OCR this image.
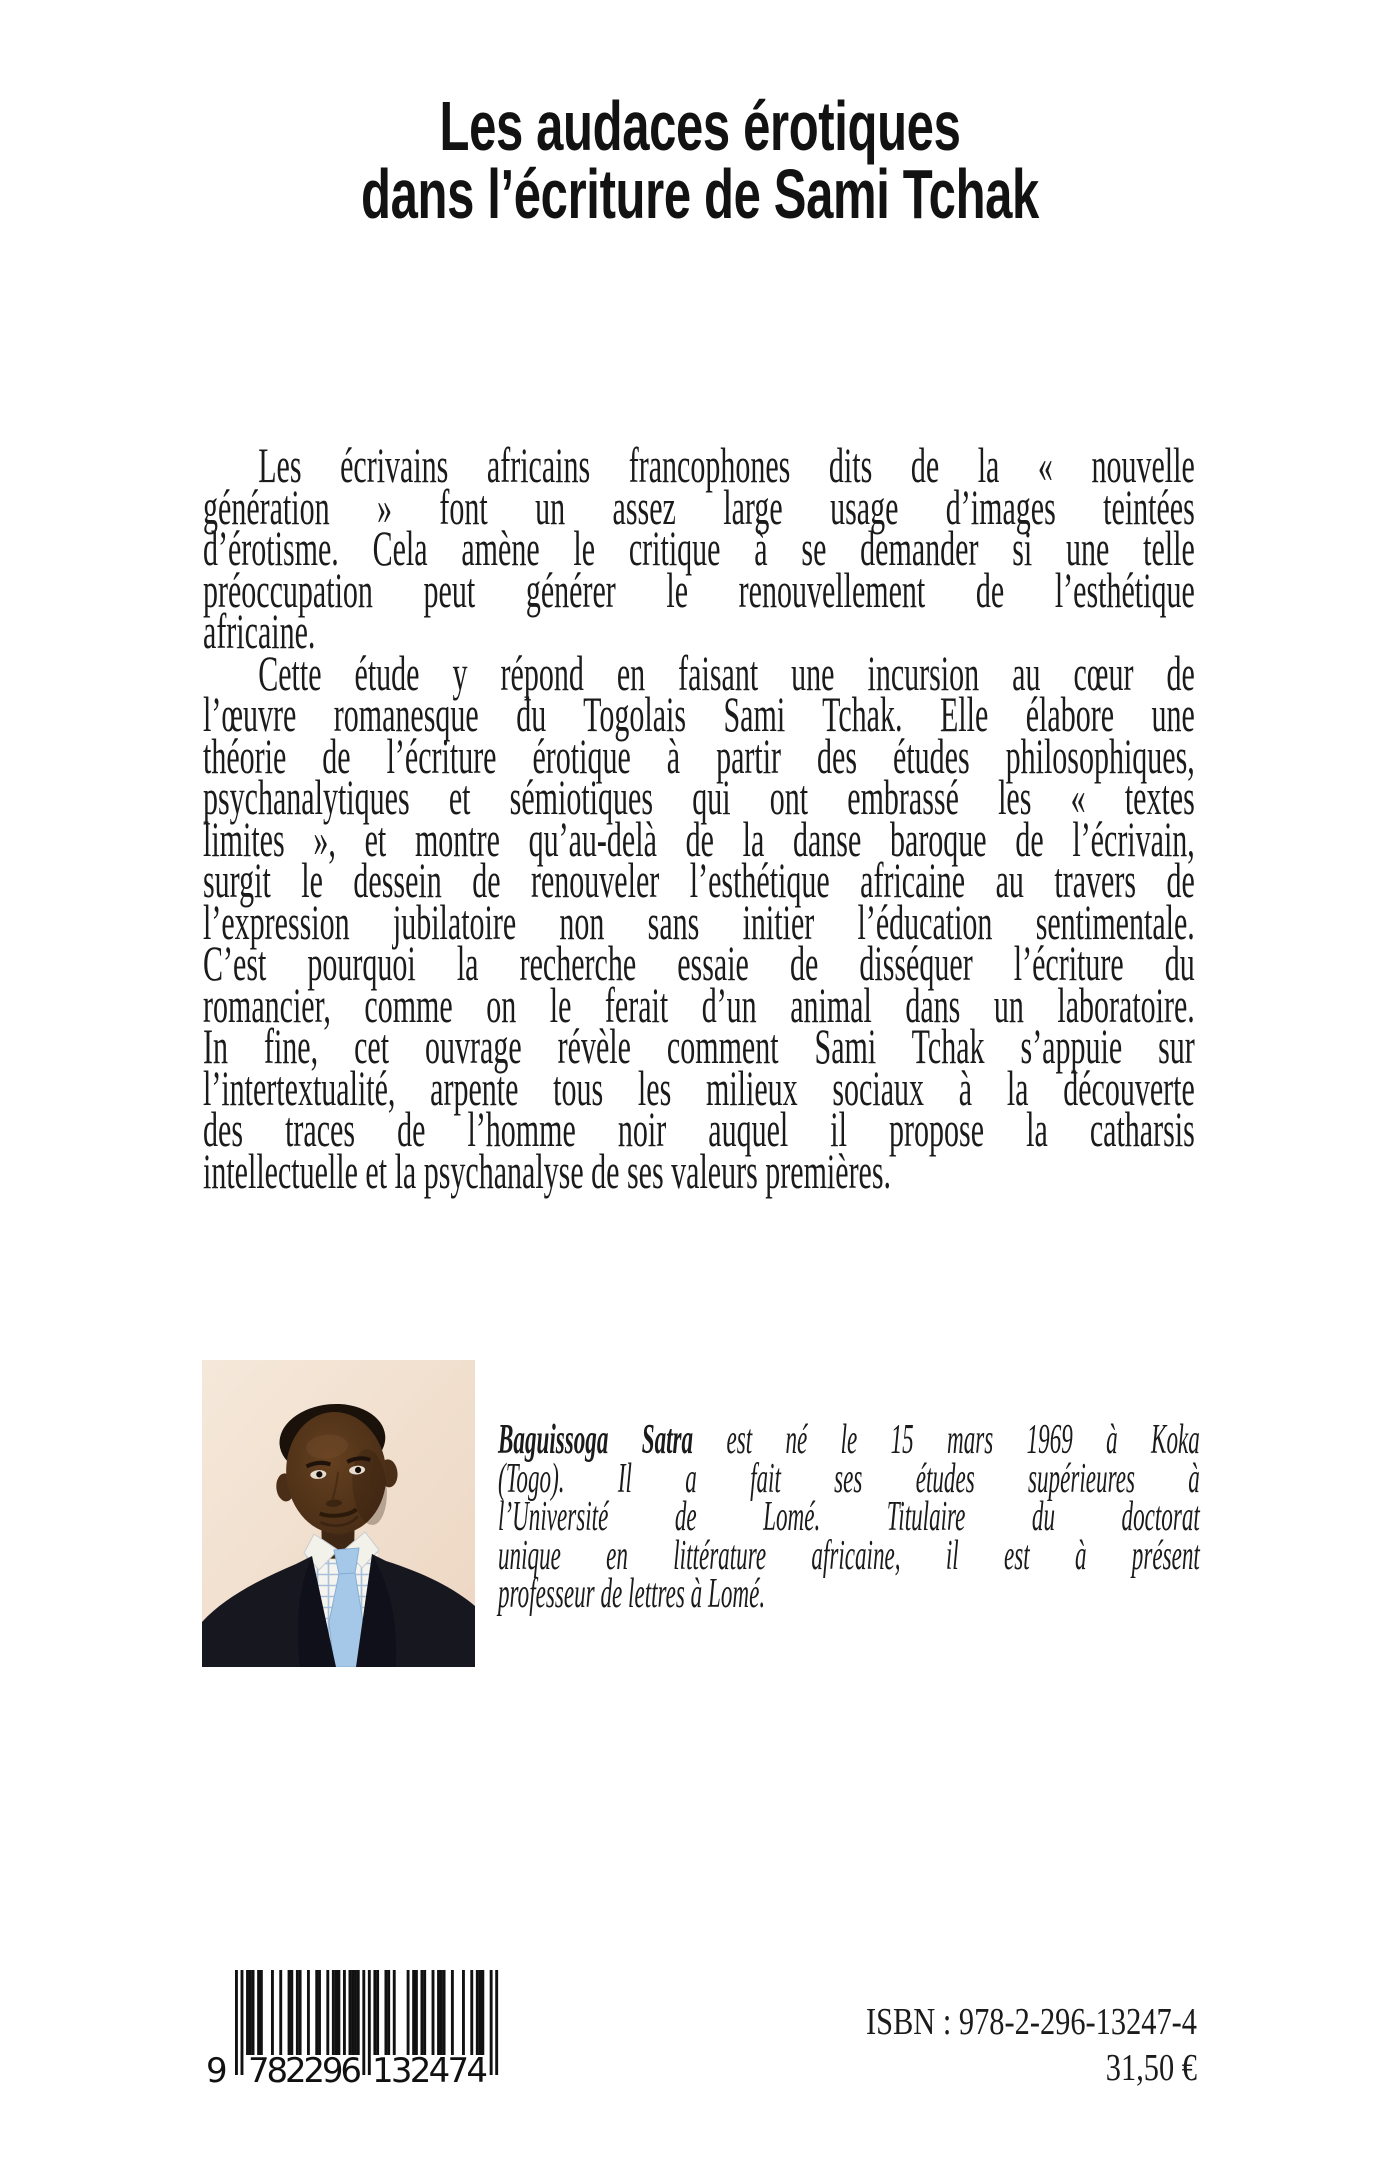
Les audaces érotiques
dans l’écriture de Sami Tchak
Les écrivains africains francophones dits de la « nouvelle
génération » font un assez large usage d’images teintées
d’érotisme. Cela amène le critique à se demander si une telle
préoccupation peut générer le renouvellement de l’esthétique
africaine.
Cette étude y répond en faisant une incursion au cœur de
l’œuvre romanesque du Togolais Sami Tchak. Elle élabore une
théorie de l’écriture érotique à partir des études philosophiques,
psychanalytiques et sémiotiques qui ont embrassé les « textes
limites », et montre qu’au-delà de la danse baroque de l’écrivain,
surgit le dessein de renouveler l’esthétique africaine au travers de
l’expression jubilatoire non sans initier l’éducation sentimentale.
C’est pourquoi la recherche essaie de disséquer l’écriture du
romancier, comme on le ferait d’un animal dans un laboratoire.
In fine, cet ouvrage révèle comment Sami Tchak s’appuie sur
l’intertextualité, arpente tous les milieux sociaux à la découverte
des traces de l’homme noir auquel il propose la catharsis
intellectuelle et la psychanalyse de ses valeurs premières.
Baguissoga Satra est né le 15 mars 1969 à Koka
(Togo). Il a fait ses études supérieures à
l’Université de Lomé. Titulaire du doctorat
unique en littérature africaine, il est à présent
professeur de lettres à Lomé.
9 782296 132474
ISBN : 978-2-296-13247-4
31,50 €
